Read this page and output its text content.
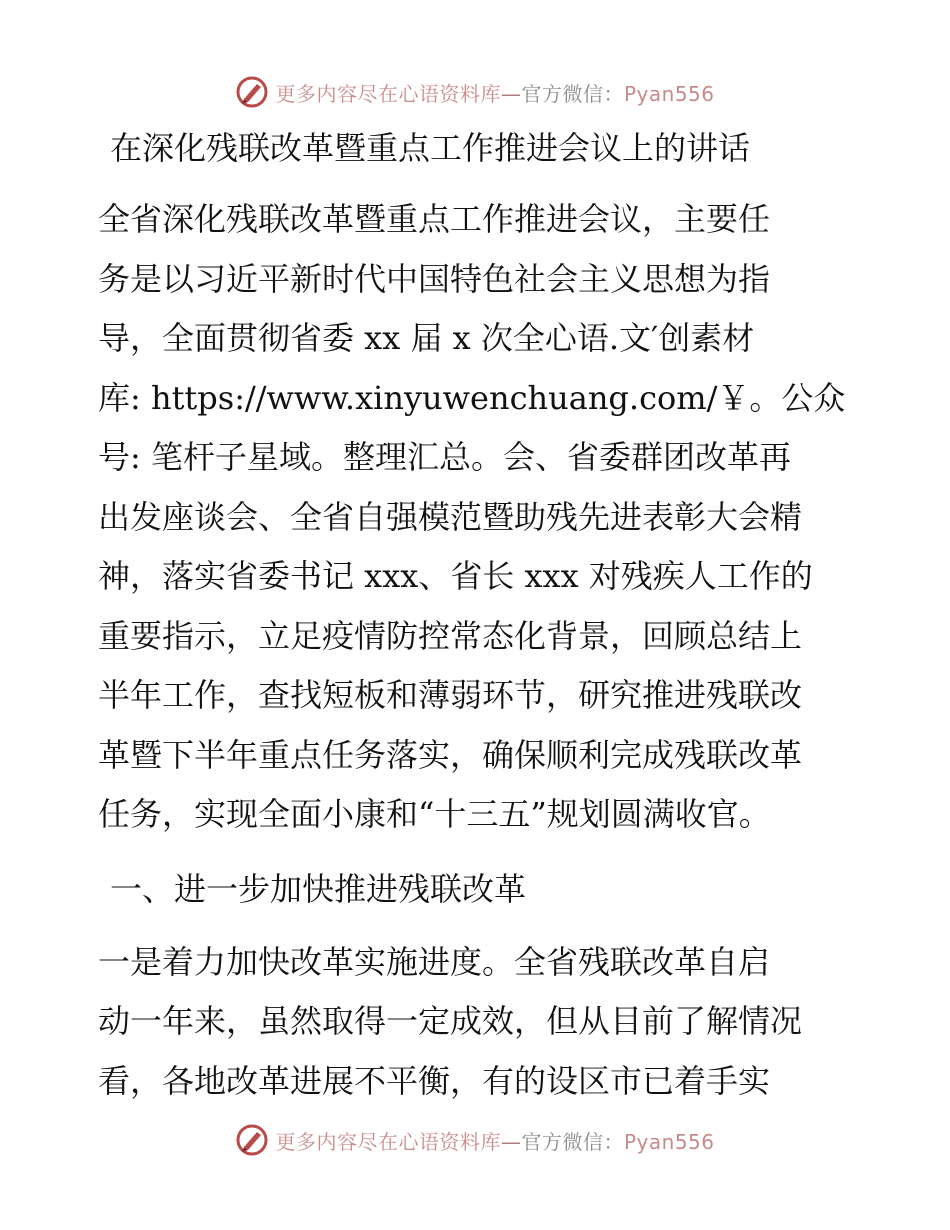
更多内容尽在心语资料库—官方微信：Pyan556
在深化残联改革暨重点工作推进会议上的讲话

全省深化残联改革暨重点工作推进会议，主要任
务是以习近平新时代中国特色社会主义思想为指
导，全面贯彻省委 xx 届 x 次全心语.文′创素材
库: https://www.xinyuwenchuang.com/￥。公众
号: 笔杆子星域。整理汇总。会、省委群团改革再
出发座谈会、全省自强模范暨助残先进表彰大会精
神，落实省委书记 xxx、省长 xxx 对残疾人工作的
重要指示，立足疫情防控常态化背景，回顾总结上
半年工作，查找短板和薄弱环节，研究推进残联改
革暨下半年重点任务落实，确保顺利完成残联改革
任务，实现全面小康和“十三五”规划圆满收官。

一、进一步加快推进残联改革

一是着力加快改革实施进度。全省残联改革自启
动一年来，虽然取得一定成效，但从目前了解情况
看，各地改革进展不平衡，有的设区市已着手实

更多内容尽在心语资料库—官方微信：Pyan556
